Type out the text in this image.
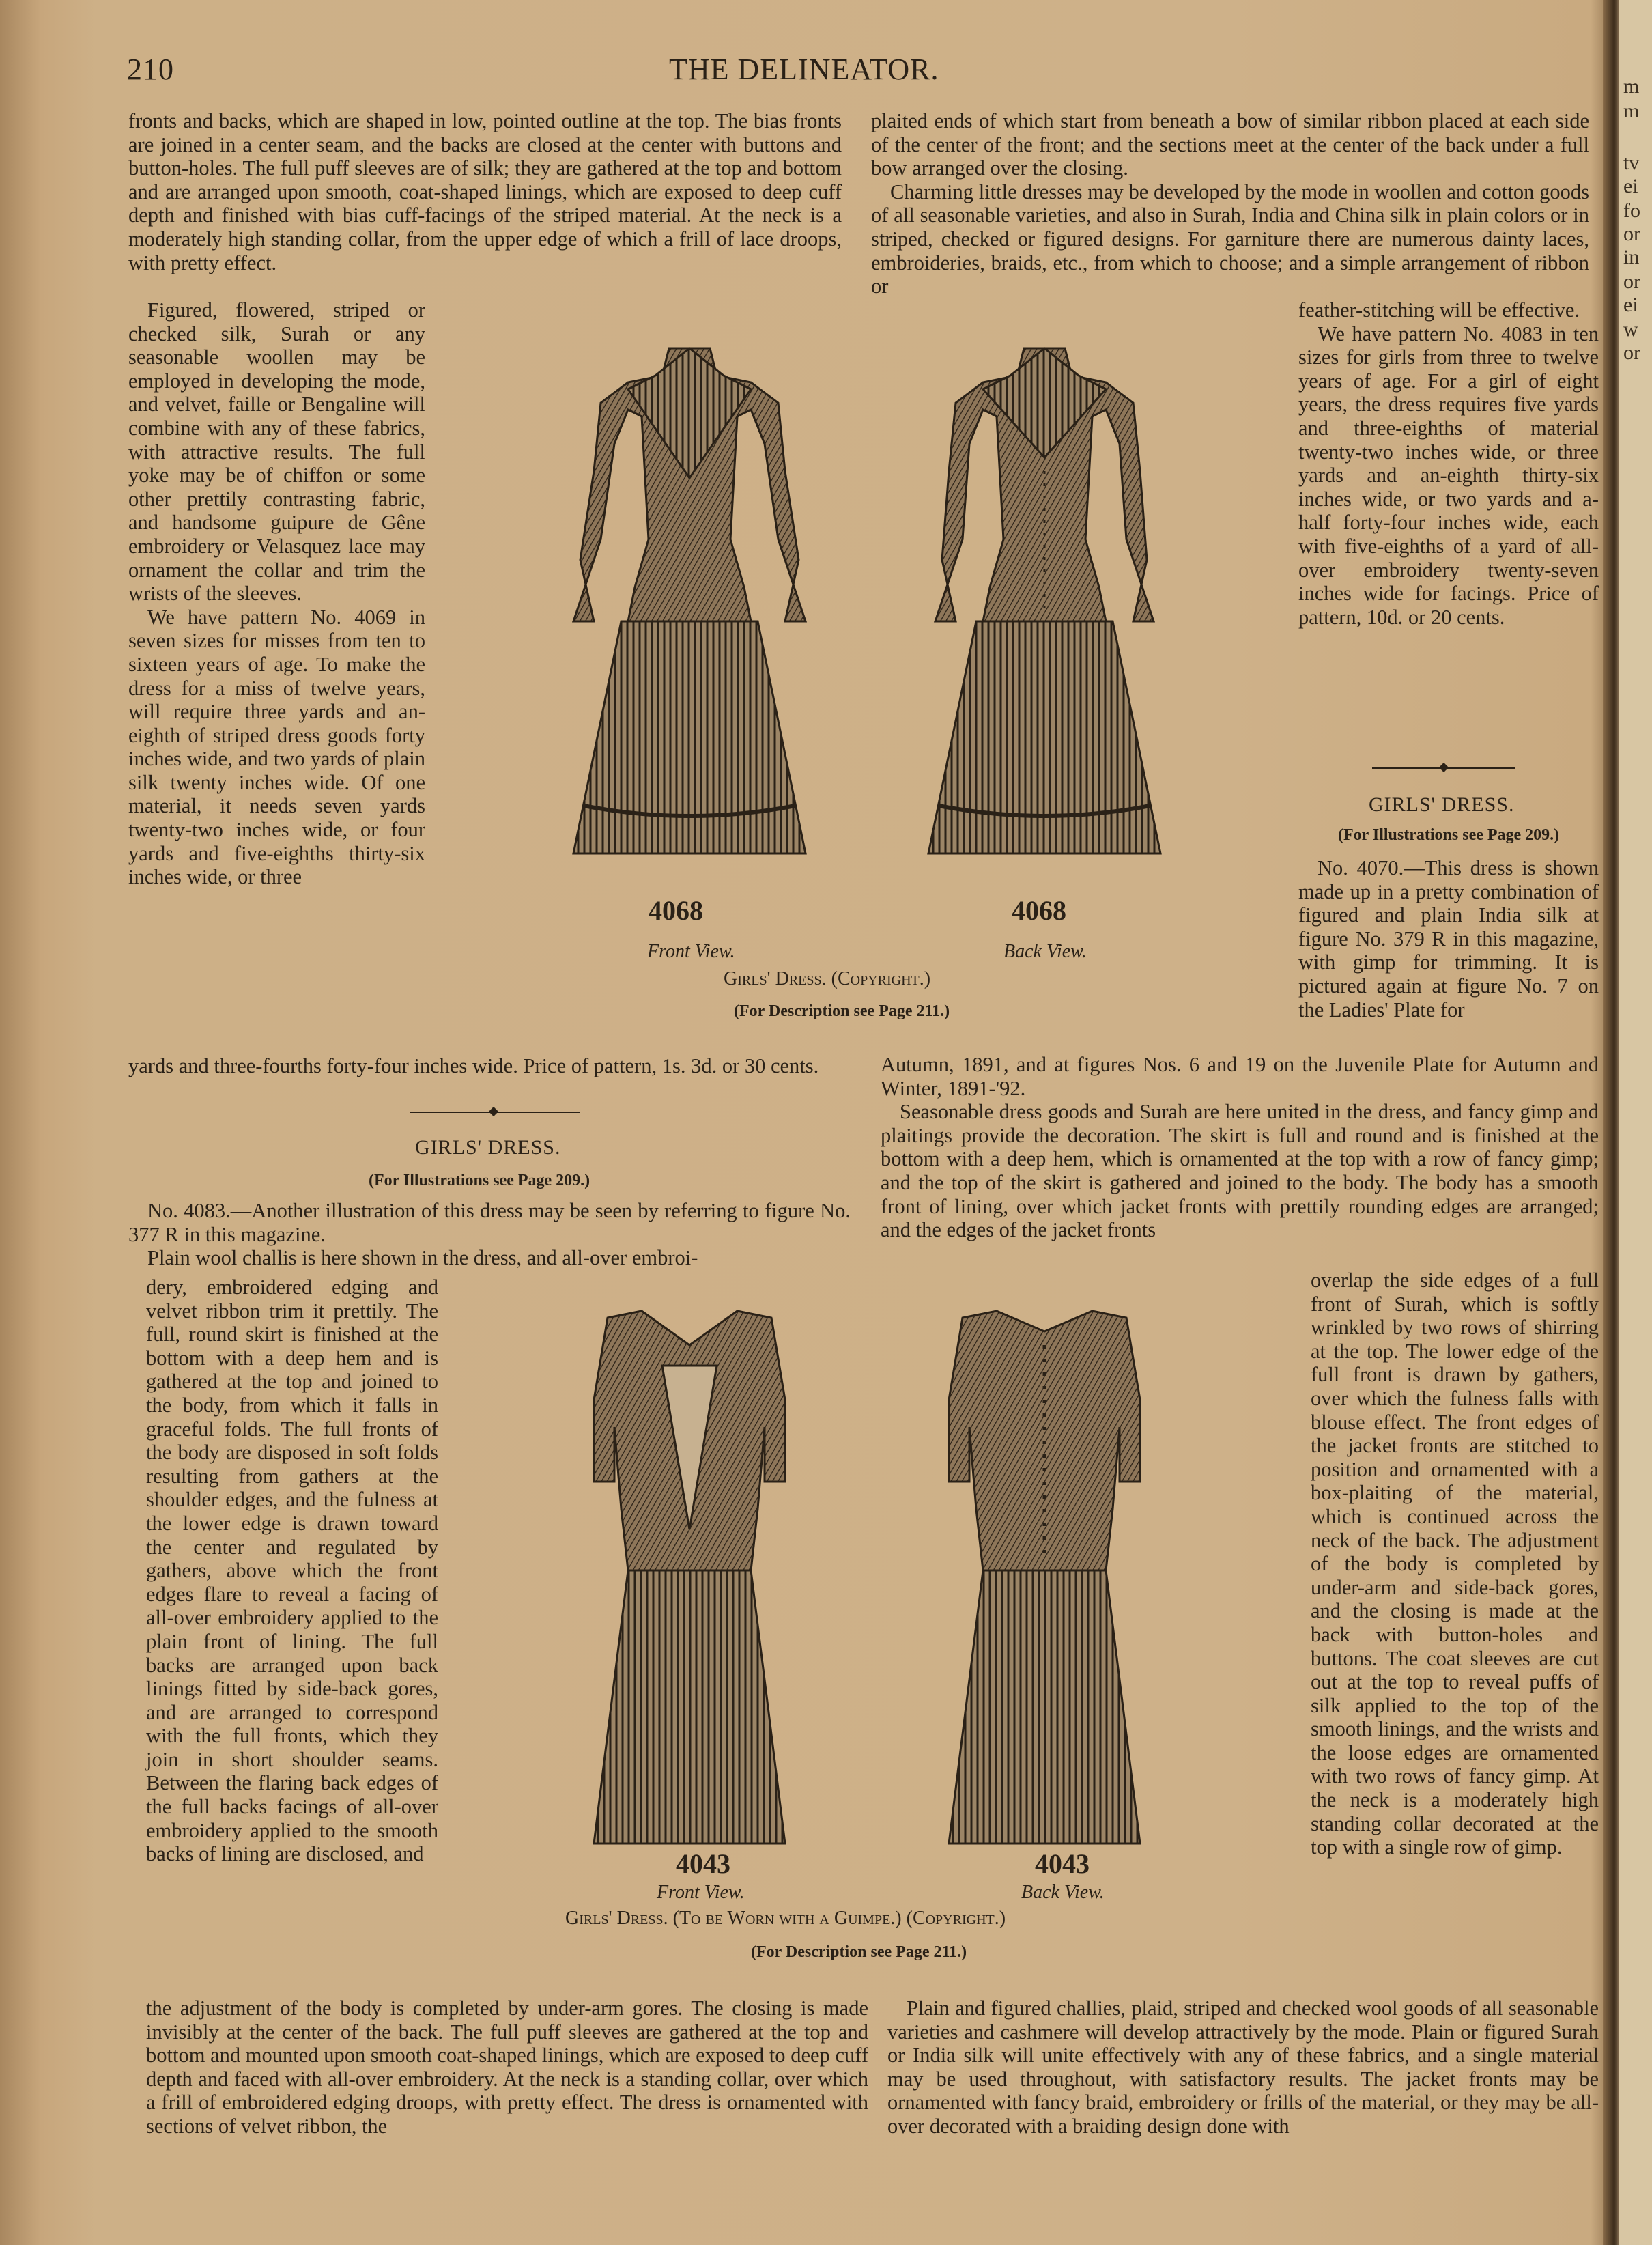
210	THE DELINEATOR.

fronts and backs, which are shaped in low, pointed outline at the top. The bias fronts are joined in a center seam, and the backs are closed at the center with buttons and button-holes. The full puff sleeves are of silk; they are gathered at the top and bottom and are arranged upon smooth, coat-shaped linings, which are exposed to deep cuff depth and finished with bias cuff-facings of the striped material. At the neck is a moderately high standing collar, from the upper edge of which a frill of lace droops, with pretty effect.

plaited ends of which start from beneath a bow of similar ribbon placed at each side of the center of the front; and the sections meet at the center of the back under a full bow arranged over the closing.

Charming little dresses may be developed by the mode in woollen and cotton goods of all seasonable varieties, and also in Surah, India and China silk in plain colors or in striped, checked or figured designs. For garniture there are numerous dainty laces, embroideries, braids, etc., from which to choose; and a simple arrangement of ribbon or

Figured, flowered, striped or checked silk, Surah or any seasonable woollen may be employed in developing the mode, and velvet, faille or Bengaline will combine with any of these fabrics, with attractive results. The full yoke may be of chiffon or some other prettily contrasting fabric, and handsome guipure de Gêne embroidery or Velasquez lace may ornament the collar and trim the wrists of the sleeves.

We have pattern No. 4069 in seven sizes for misses from ten to sixteen years of age. To make the dress for a miss of twelve years, will require three yards and an-eighth of striped dress goods forty inches wide, and two yards of plain silk twenty inches wide. Of one material, it needs seven yards twenty-two inches wide, or four yards and five-eighths thirty-six inches wide, or three

yards and three-fourths forty-four inches wide. Price of pattern, 1s. 3d. or 30 cents.

feather-stitching will be effective.

We have pattern No. 4083 in ten sizes for girls from three to twelve years of age. For a girl of eight years, the dress requires five yards and three-eighths of material twenty-two inches wide, or three yards and an-eighth thirty-six inches wide, or two yards and a-half forty-four inches wide, each with five-eighths of a yard of all-over embroidery twenty-seven inches wide for facings. Price of pattern, 10d. or 20 cents.

GIRLS' DRESS.
(For Illustrations see Page 209.)

No. 4070.—This dress is shown made up in a pretty combination of figured and plain India silk at figure No. 379 R in this magazine, with gimp for trimming. It is pictured again at figure No. 7 on the Ladies' Plate for

Autumn, 1891, and at figures Nos. 6 and 19 on the Juvenile Plate for Autumn and Winter, 1891-'92.

Seasonable dress goods and Surah are here united in the dress, and fancy gimp and plaitings provide the decoration. The skirt is full and round and is finished at the bottom with a deep hem, which is ornamented at the top with a row of fancy gimp; and the top of the skirt is gathered and joined to the body. The body has a smooth front of lining, over which jacket fronts with prettily rounding edges are arranged; and the edges of the jacket fronts

overlap the side edges of a full front of Surah, which is softly wrinkled by two rows of shirring at the top. The lower edge of the full front is drawn by gathers, over which the fulness falls with blouse effect. The front edges of the jacket fronts are stitched to position and ornamented with a box-plaiting of the material, which is continued across the neck of the back. The adjustment of the body is completed by under-arm and side-back gores, and the closing is made at the back with button-holes and buttons. The coat sleeves are cut out at the top to reveal puffs of silk applied to the top of the smooth linings, and the wrists and the loose edges are ornamented with two rows of fancy gimp. At the neck is a moderately high standing collar decorated at the top with a single row of gimp.

Plain and figured challies, plaid, striped and checked wool goods of all seasonable varieties and cashmere will develop attractively by the mode. Plain or figured Surah or India silk will unite effectively with any of these fabrics, and a single material may be used throughout, with satisfactory results. The jacket fronts may be ornamented with fancy braid, embroidery or frills of the material, or they may be all-over decorated with a braiding design done with

GIRLS' DRESS.
(For Illustrations see Page 209.)

No. 4083.—Another illustration of this dress may be seen by referring to figure No. 377 R in this magazine.

Plain wool challis is here shown in the dress, and all-over embroi-

dery, embroidered edging and velvet ribbon trim it prettily. The full, round skirt is finished at the bottom with a deep hem and is gathered at the top and joined to the body, from which it falls in graceful folds. The full fronts of the body are disposed in soft folds resulting from gathers at the shoulder edges, and the fulness at the lower edge is drawn toward the center and regulated by gathers, above which the front edges flare to reveal a facing of all-over embroidery applied to the plain front of lining. The full backs are arranged upon back linings fitted by side-back gores, and are arranged to correspond with the full fronts, which they join in short shoulder seams. Between the flaring back edges of the full backs facings of all-over embroidery applied to the smooth backs of lining are disclosed, and

the adjustment of the body is completed by under-arm gores. The closing is made invisibly at the center of the back. The full puff sleeves are gathered at the top and bottom and mounted upon smooth coat-shaped linings, which are exposed to deep cuff depth and faced with all-over embroidery. At the neck is a standing collar, over which a frill of embroidered edging droops, with pretty effect. The dress is ornamented with sections of velvet ribbon, the

4068	4068
Front View.	Back View.
Girls' Dress. (Copyright.)
(For Description see Page 211.)
4043	4043
Front View.	Back View.
Girls' Dress. (To be Worn with a Guimpe.) (Copyright.)
(For Description see Page 211.)
m
m
tv
ei
fo
or
in
or
ei
w
or
